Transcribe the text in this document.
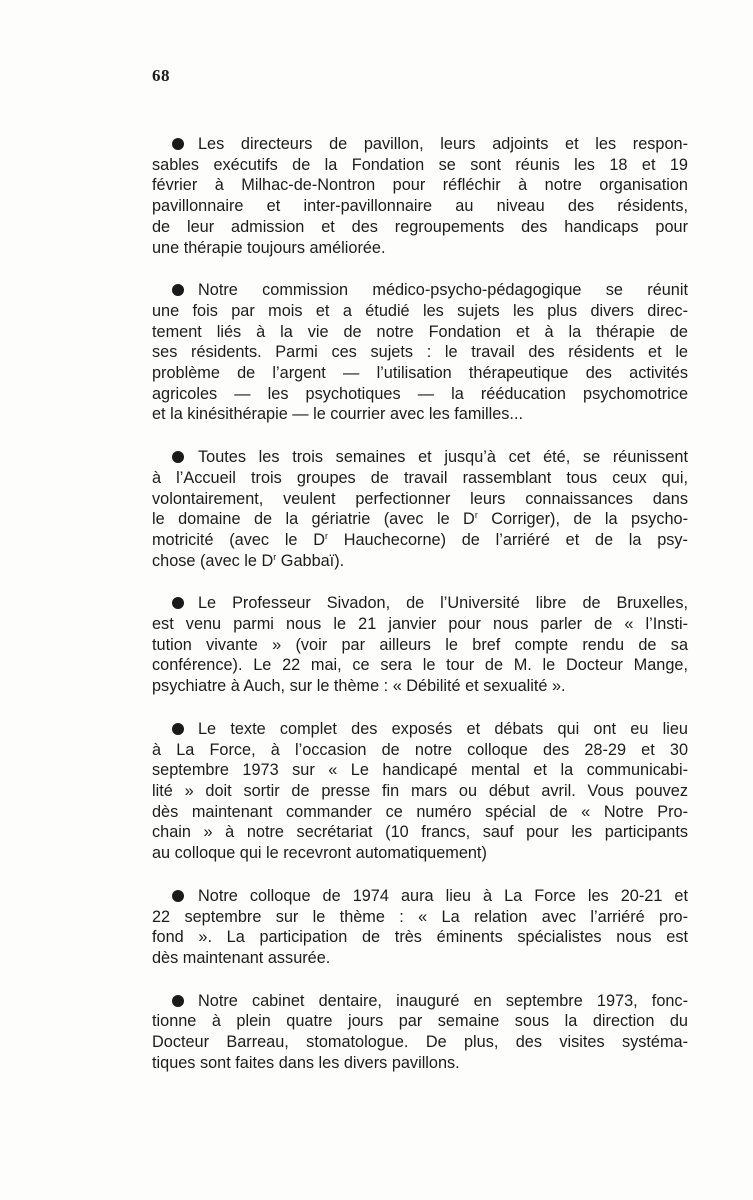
68
Les directeurs de pavillon, leurs adjoints et les respon-
sables exécutifs de la Fondation se sont réunis les 18 et 19
février à Milhac-de-Nontron pour réfléchir à notre organisation
pavillonnaire et inter-pavillonnaire au niveau des résidents,
de leur admission et des regroupements des handicaps pour
une thérapie toujours améliorée.
Notre commission médico-psycho-pédagogique se réunit
une fois par mois et a étudié les sujets les plus divers direc-
tement liés à la vie de notre Fondation et à la thérapie de
ses résidents. Parmi ces sujets : le travail des résidents et le
problème de l’argent — l’utilisation thérapeutique des activités
agricoles — les psychotiques — la rééducation psychomotrice
et la kinésithérapie — le courrier avec les familles...
Toutes les trois semaines et jusqu’à cet été, se réunissent
à l’Accueil trois groupes de travail rassemblant tous ceux qui,
volontairement, veulent perfectionner leurs connaissances dans
le domaine de la gériatrie (avec le $D^r$ Corriger), de la psycho-
motricité (avec le $D^r$ Hauchecorne) de l’arriéré et de la psy-
chose (avec le $D^r$ Gabbaï).
Le Professeur Sivadon, de l’Université libre de Bruxelles,
est venu parmi nous le 21 janvier pour nous parler de « l’Insti-
tution vivante » (voir par ailleurs le bref compte rendu de sa
conférence). Le 22 mai, ce sera le tour de M. le Docteur Mange,
psychiatre à Auch, sur le thème : « Débilité et sexualité ».
Le texte complet des exposés et débats qui ont eu lieu
à La Force, à l’occasion de notre colloque des 28-29 et 30
septembre 1973 sur « Le handicapé mental et la communicabi-
lité » doit sortir de presse fin mars ou début avril. Vous pouvez
dès maintenant commander ce numéro spécial de « Notre Pro-
chain » à notre secrétariat (10 francs, sauf pour les participants
au colloque qui le recevront automatiquement)
Notre colloque de 1974 aura lieu à La Force les 20-21 et
22 septembre sur le thème : « La relation avec l’arriéré pro-
fond ». La participation de très éminents spécialistes nous est
dès maintenant assurée.
Notre cabinet dentaire, inauguré en septembre 1973, fonc-
tionne à plein quatre jours par semaine sous la direction du
Docteur Barreau, stomatologue. De plus, des visites systéma-
tiques sont faites dans les divers pavillons.
